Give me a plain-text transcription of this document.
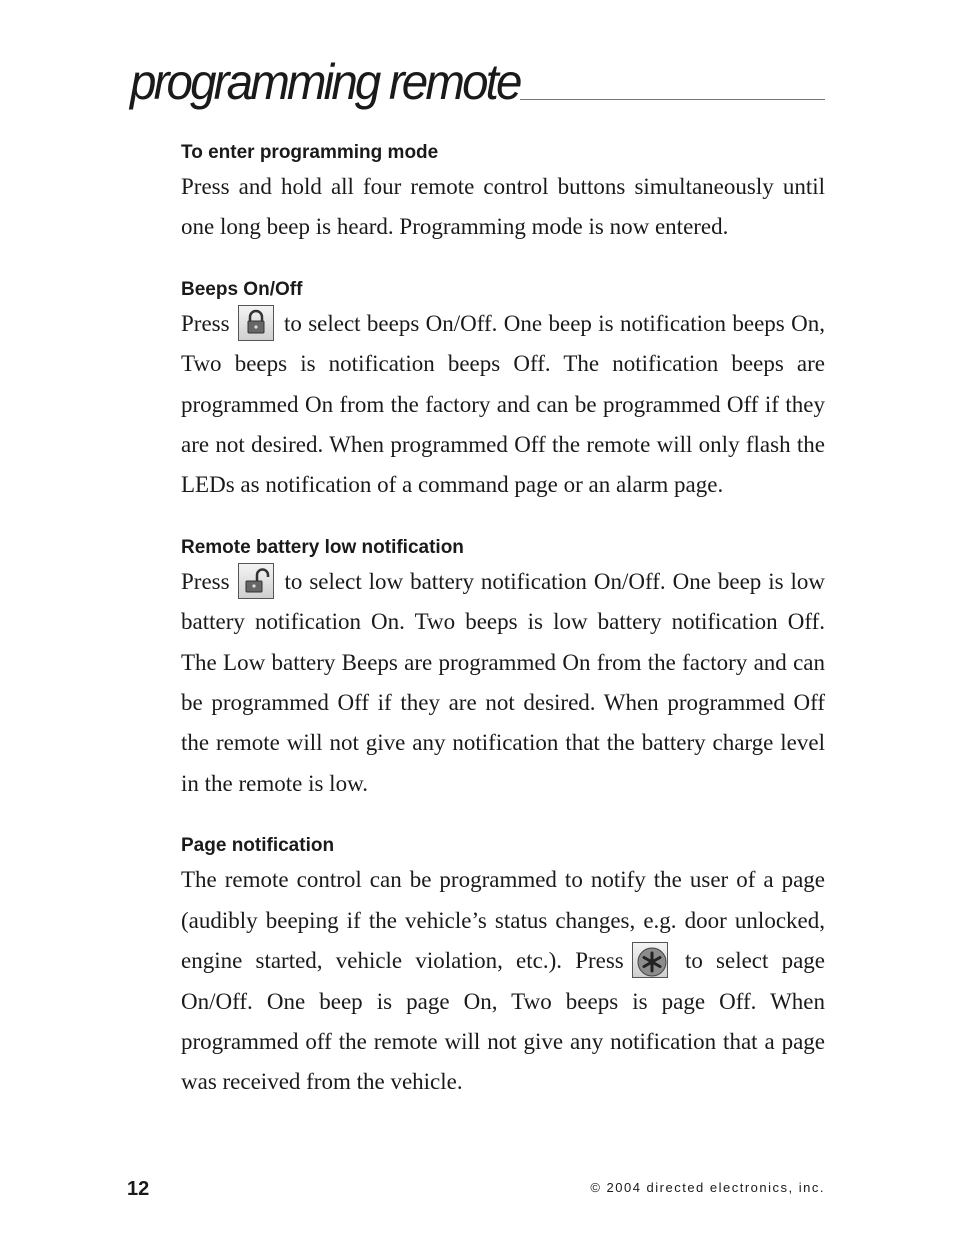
programming remote
To enter programming mode

Press and hold all four remote control buttons simultaneously until one long beep is heard. Programming mode is now entered.

Beeps On/Off

Press to select beeps On/Off. One beep is notification beeps On, Two beeps is notification beeps Off. The notification beeps are programmed On from the factory and can be programmed Off if they are not desired. When programmed Off the remote will only flash the LEDs as notification of a command page or an alarm page.

Remote battery low notification

Press to select low battery notification On/Off. One beep is low battery notification On. Two beeps is low battery notification Off. The Low battery Beeps are programmed On from the factory and can be programmed Off if they are not desired. When programmed Off the remote will not give any notification that the battery charge level in the remote is low.

Page notification

The remote control can be programmed to notify the user of a page (audibly beeping if the vehicle’s status changes, e.g. door unlocked, engine started, vehicle violation, etc.). Press	to select page On/Off. One beep is page On, Two beeps is page Off. When programmed off the remote will not give any notification that a page was received from the vehicle.

12	© 2004 directed electronics, inc.
